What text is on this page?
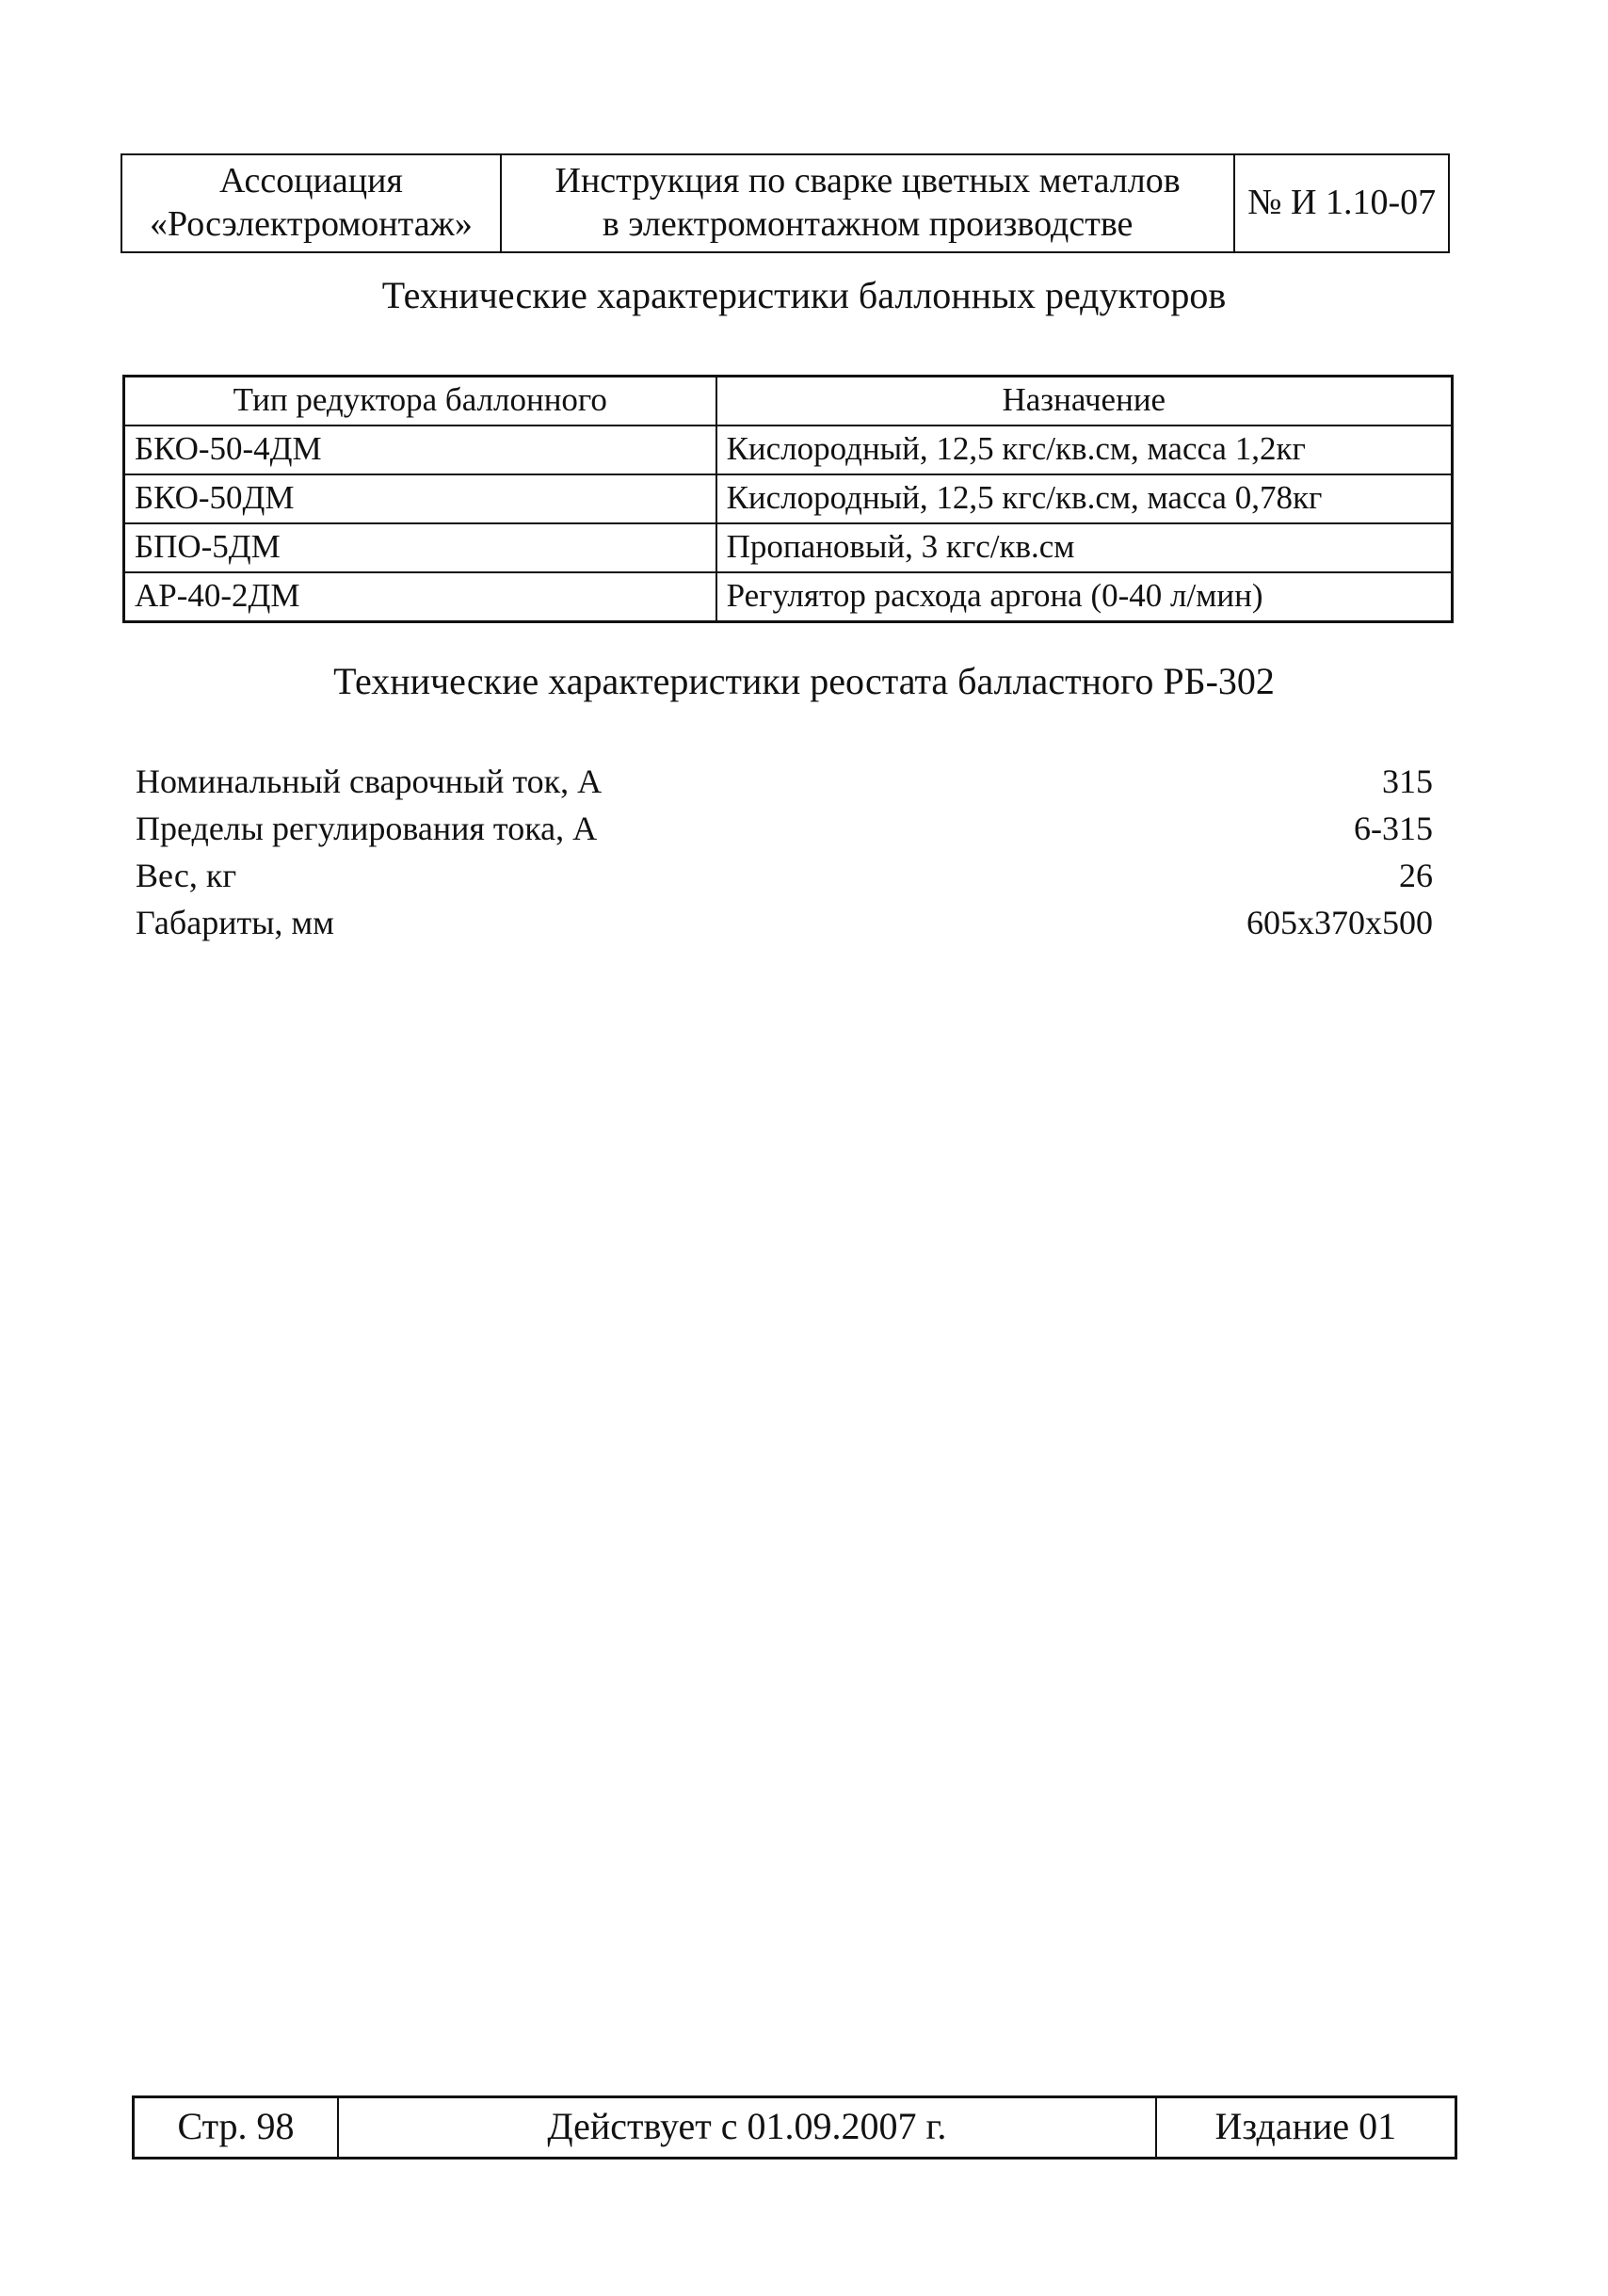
Ассоциация
«Росэлектромонтаж»

Инструкция по сварке цветных металлов
в электромонтажном производстве
	№ И 1.10-07
Технические характеристики баллонных редукторов
Тип редуктора баллонного	Назначение
БКО-50-4ДМ	Кислородный, 12,5 кгс/кв.см, масса 1,2кг
БКО-50ДМ	Кислородный, 12,5 кгс/кв.см, масса 0,78кг
БПО-5ДМ	Пропановый, 3 кгс/кв.см
АР-40-2ДМ	Регулятор расхода аргона (0-40 л/мин)
Технические характеристики реостата балластного РБ-302
Номинальный сварочный ток, А	315
Пределы регулирования тока, А	6-315
Вес, кг	26
Габариты, мм	605х370х500
Стр. 98	Действует с 01.09.2007 г.	Издание 01
